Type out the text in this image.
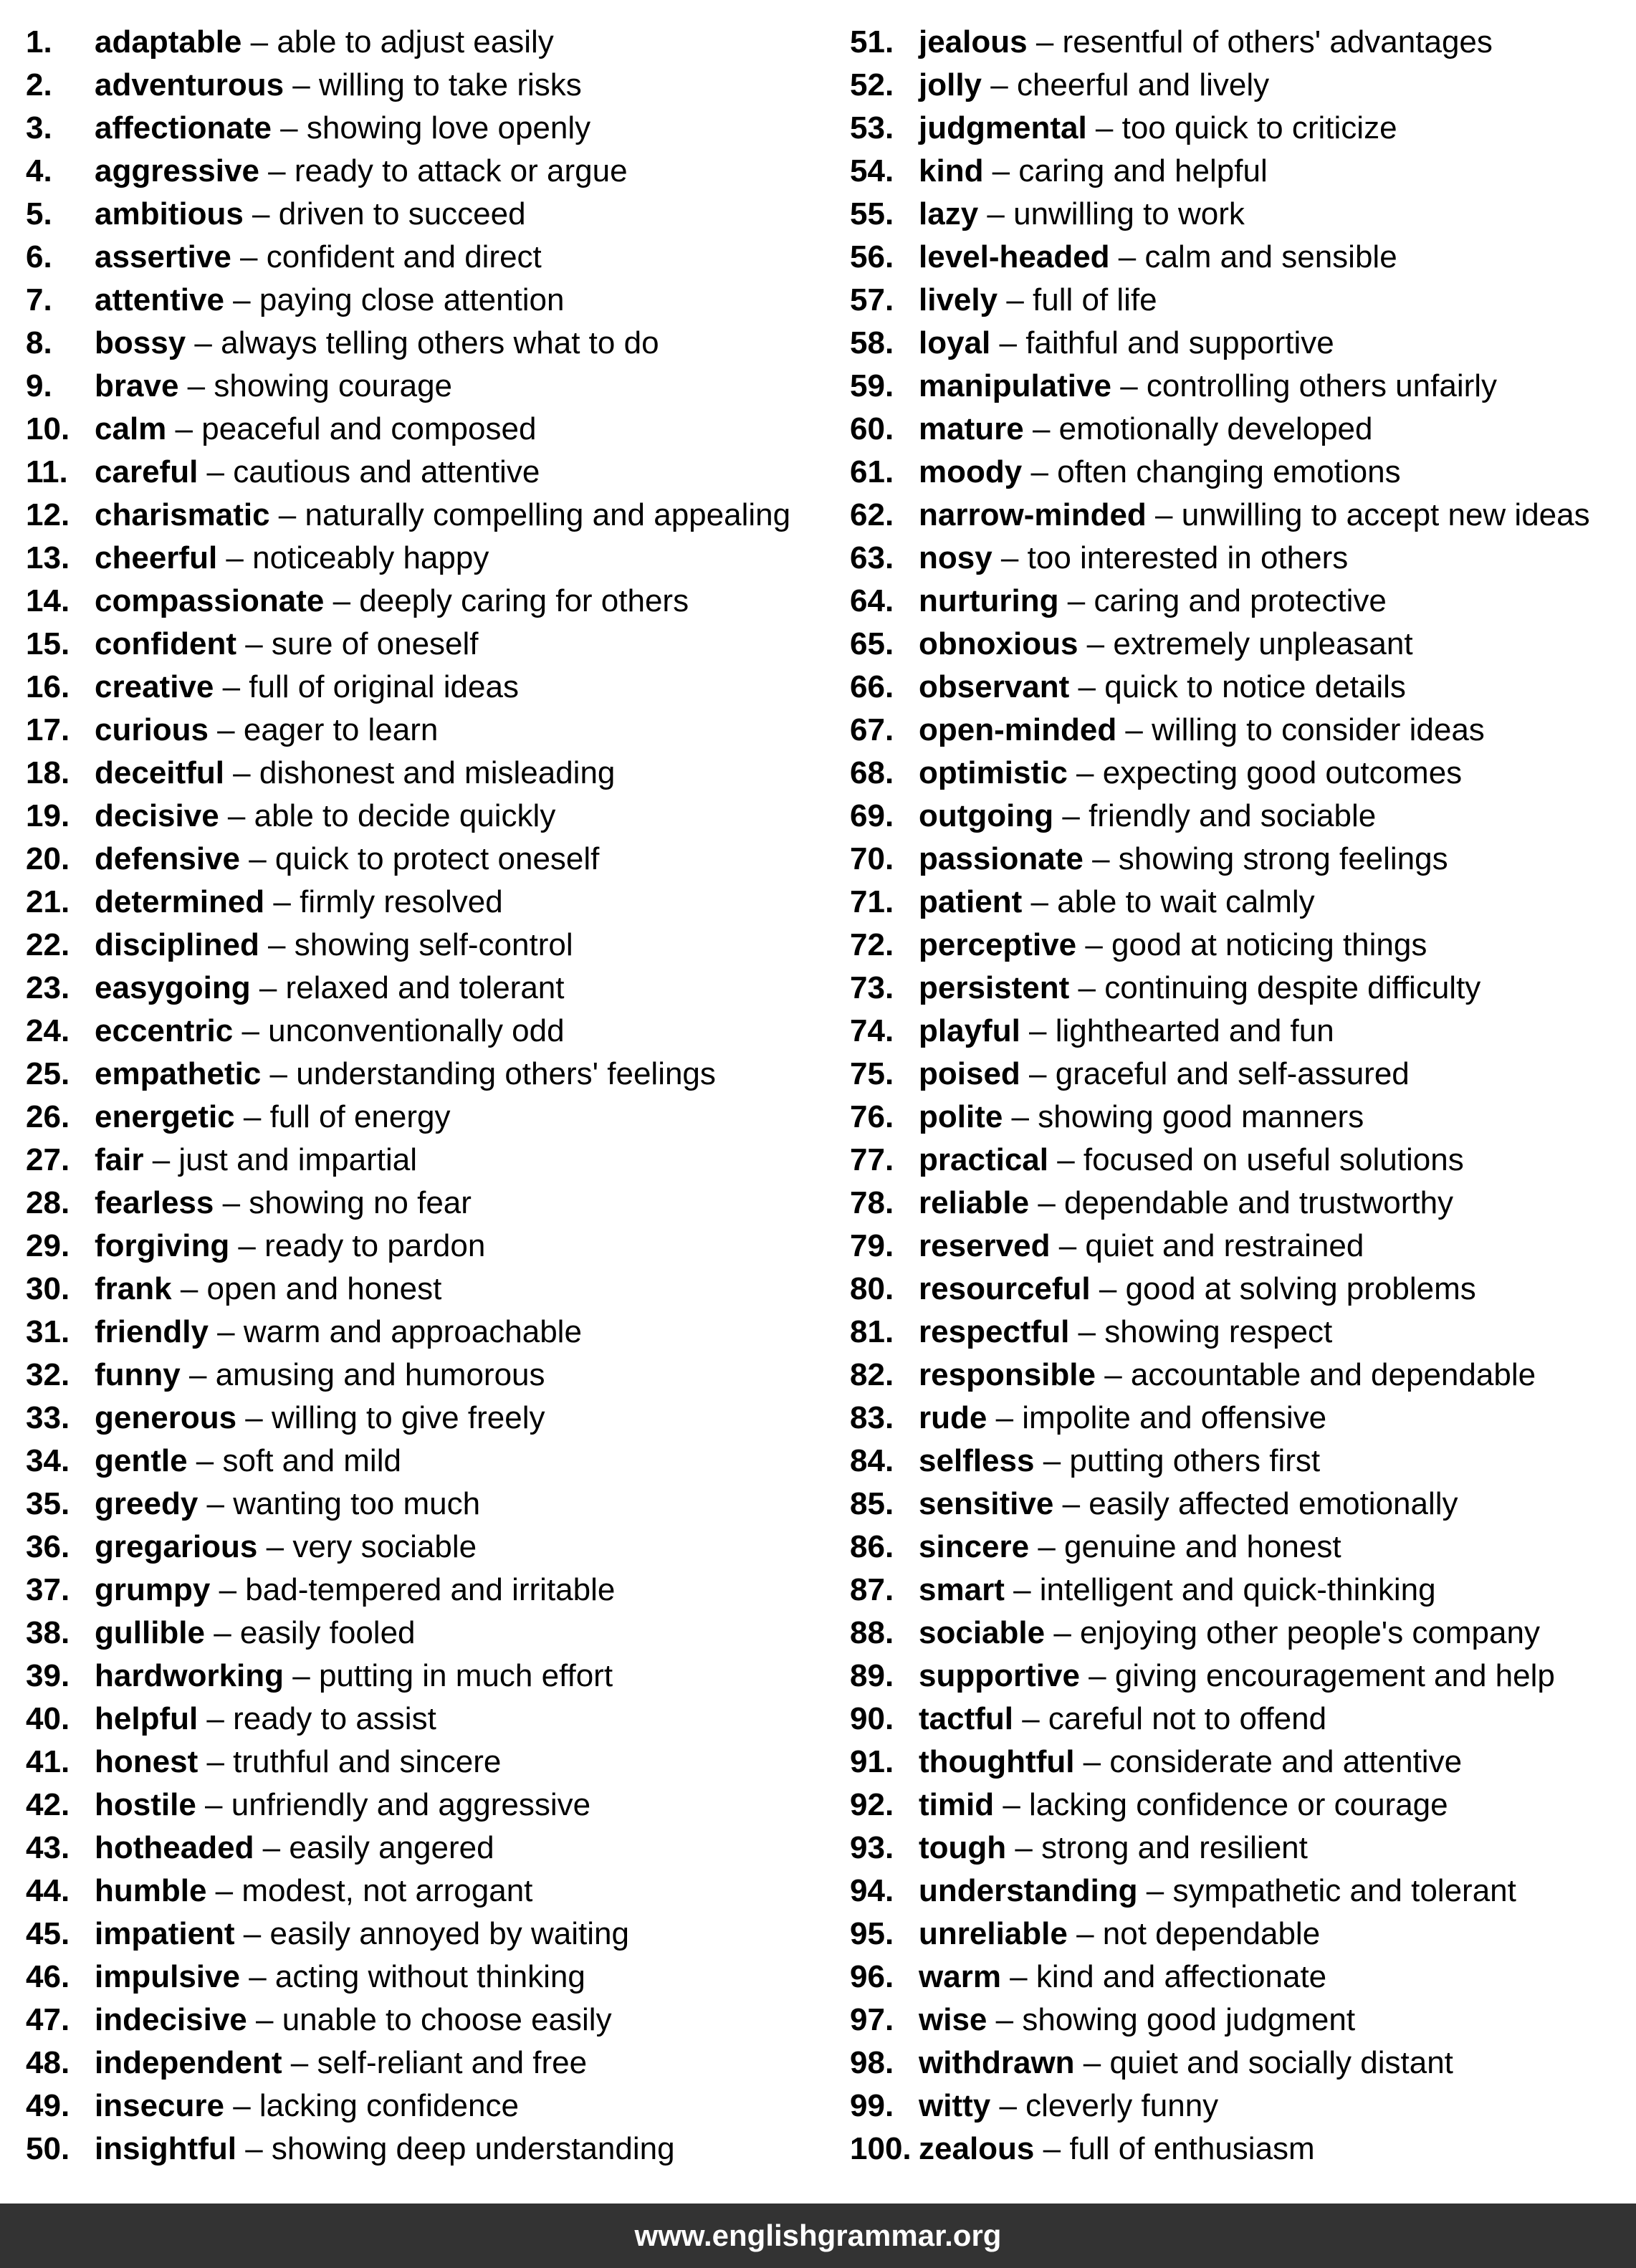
1. adaptable – able to adjust easily
2. adventurous – willing to take risks
3. affectionate – showing love openly
4. aggressive – ready to attack or argue
5. ambitious – driven to succeed
6. assertive – confident and direct
7. attentive – paying close attention
8. bossy – always telling others what to do
9. brave – showing courage
10. calm – peaceful and composed
11. careful – cautious and attentive
12. charismatic – naturally compelling and appealing
13. cheerful – noticeably happy
14. compassionate – deeply caring for others
15. confident – sure of oneself
16. creative – full of original ideas
17. curious – eager to learn
18. deceitful – dishonest and misleading
19. decisive – able to decide quickly
20. defensive – quick to protect oneself
21. determined – firmly resolved
22. disciplined – showing self-control
23. easygoing – relaxed and tolerant
24. eccentric – unconventionally odd
25. empathetic – understanding others' feelings
26. energetic – full of energy
27. fair – just and impartial
28. fearless – showing no fear
29. forgiving – ready to pardon
30. frank – open and honest
31. friendly – warm and approachable
32. funny – amusing and humorous
33. generous – willing to give freely
34. gentle – soft and mild
35. greedy – wanting too much
36. gregarious – very sociable
37. grumpy – bad-tempered and irritable
38. gullible – easily fooled
39. hardworking – putting in much effort
40. helpful – ready to assist
41. honest – truthful and sincere
42. hostile – unfriendly and aggressive
43. hotheaded – easily angered
44. humble – modest, not arrogant
45. impatient – easily annoyed by waiting
46. impulsive – acting without thinking
47. indecisive – unable to choose easily
48. independent – self-reliant and free
49. insecure – lacking confidence
50. insightful – showing deep understanding
51. jealous – resentful of others' advantages
52. jolly – cheerful and lively
53. judgmental – too quick to criticize
54. kind – caring and helpful
55. lazy – unwilling to work
56. level-headed – calm and sensible
57. lively – full of life
58. loyal – faithful and supportive
59. manipulative – controlling others unfairly
60. mature – emotionally developed
61. moody – often changing emotions
62. narrow-minded – unwilling to accept new ideas
63. nosy – too interested in others
64. nurturing – caring and protective
65. obnoxious – extremely unpleasant
66. observant – quick to notice details
67. open-minded – willing to consider ideas
68. optimistic – expecting good outcomes
69. outgoing – friendly and sociable
70. passionate – showing strong feelings
71. patient – able to wait calmly
72. perceptive – good at noticing things
73. persistent – continuing despite difficulty
74. playful – lighthearted and fun
75. poised – graceful and self-assured
76. polite – showing good manners
77. practical – focused on useful solutions
78. reliable – dependable and trustworthy
79. reserved – quiet and restrained
80. resourceful – good at solving problems
81. respectful – showing respect
82. responsible – accountable and dependable
83. rude – impolite and offensive
84. selfless – putting others first
85. sensitive – easily affected emotionally
86. sincere – genuine and honest
87. smart – intelligent and quick-thinking
88. sociable – enjoying other people's company
89. supportive – giving encouragement and help
90. tactful – careful not to offend
91. thoughtful – considerate and attentive
92. timid – lacking confidence or courage
93. tough – strong and resilient
94. understanding – sympathetic and tolerant
95. unreliable – not dependable
96. warm – kind and affectionate
97. wise – showing good judgment
98. withdrawn – quiet and socially distant
99. witty – cleverly funny
100. zealous – full of enthusiasm
www.englishgrammar.org
